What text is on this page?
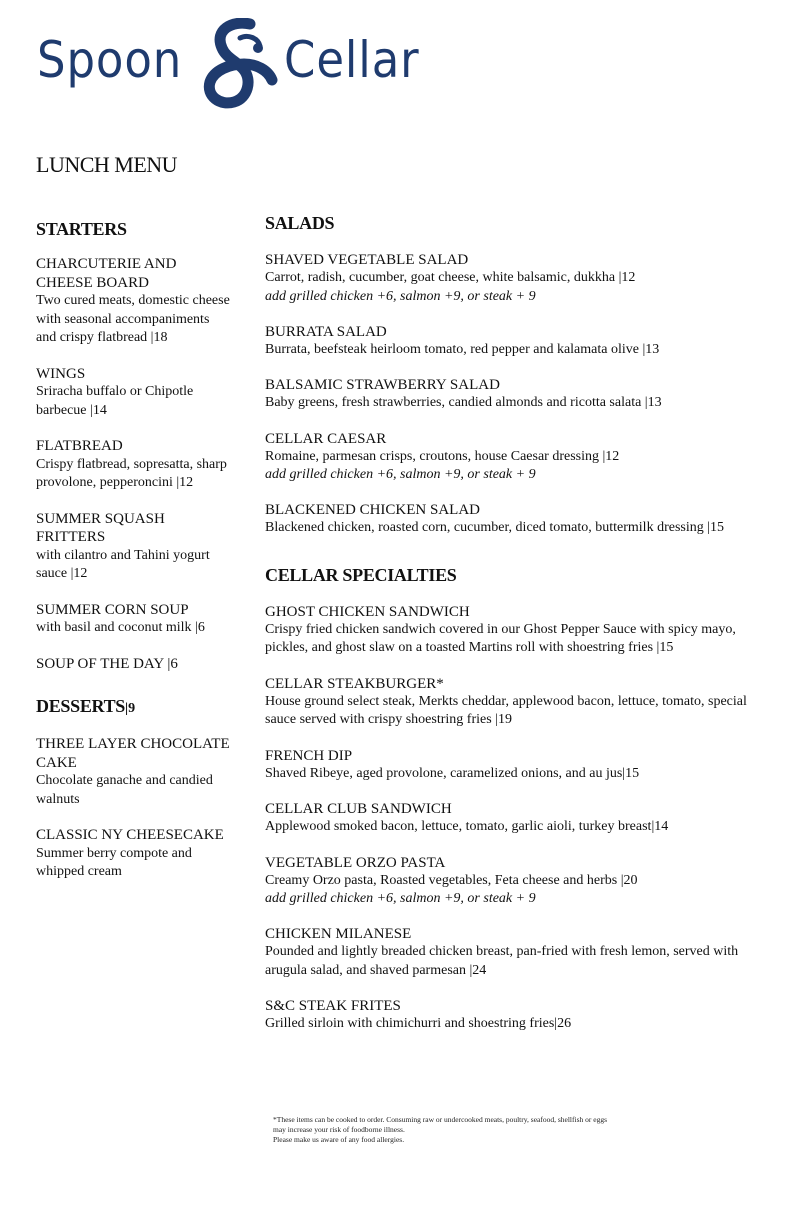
Spoon Cellar
LUNCH MENU
STARTERS
CHARCUTERIE AND CHEESE BOARD
Two cured meats, domestic cheese with seasonal accompaniments and crispy flatbread |18
WINGS
Sriracha buffalo or Chipotle barbecue |14
FLATBREAD
Crispy flatbread, sopresatta, sharp provolone, pepperoncini |12
SUMMER SQUASH FRITTERS
with cilantro and Tahini yogurt sauce |12
SUMMER CORN SOUP
with basil and coconut milk |6
SOUP OF THE DAY |6
DESSERTS|9
THREE LAYER CHOCOLATE CAKE
Chocolate ganache and candied walnuts
CLASSIC NY CHEESECAKE
Summer berry compote and whipped cream
SALADS
SHAVED VEGETABLE SALAD
Carrot, radish, cucumber, goat cheese, white balsamic, dukkha |12
add grilled chicken +6, salmon +9, or steak + 9
BURRATA SALAD
Burrata, beefsteak heirloom tomato, red pepper and kalamata olive |13
BALSAMIC STRAWBERRY SALAD
Baby greens, fresh strawberries, candied almonds and ricotta salata |13
CELLAR CAESAR
Romaine, parmesan crisps, croutons, house Caesar dressing |12
add grilled chicken +6, salmon +9, or steak + 9
BLACKENED CHICKEN SALAD
Blackened chicken, roasted corn, cucumber, diced tomato, buttermilk dressing |15
CELLAR SPECIALTIES
GHOST CHICKEN SANDWICH
Crispy fried chicken sandwich covered in our Ghost Pepper Sauce with spicy mayo, pickles, and ghost slaw on a toasted Martins roll with shoestring fries |15
CELLAR STEAKBURGER*
House ground select steak, Merkts cheddar, applewood bacon, lettuce, tomato, special sauce served with crispy shoestring fries |19
FRENCH DIP
Shaved Ribeye, aged provolone, caramelized onions, and au jus|15
CELLAR CLUB SANDWICH
Applewood smoked bacon, lettuce, tomato, garlic aioli, turkey breast|14
VEGETABLE ORZO PASTA
Creamy Orzo pasta, Roasted vegetables, Feta cheese and herbs |20
add grilled chicken +6, salmon +9, or steak + 9
CHICKEN MILANESE
Pounded and lightly breaded chicken breast, pan-fried with fresh lemon, served with arugula salad, and shaved parmesan |24
S&C STEAK FRITES
Grilled sirloin with chimichurri and shoestring fries|26
*These items can be cooked to order. Consuming raw or undercooked meats, poultry, seafood, shellfish or eggs
may increase your risk of foodborne illness.
Please make us aware of any food allergies.
